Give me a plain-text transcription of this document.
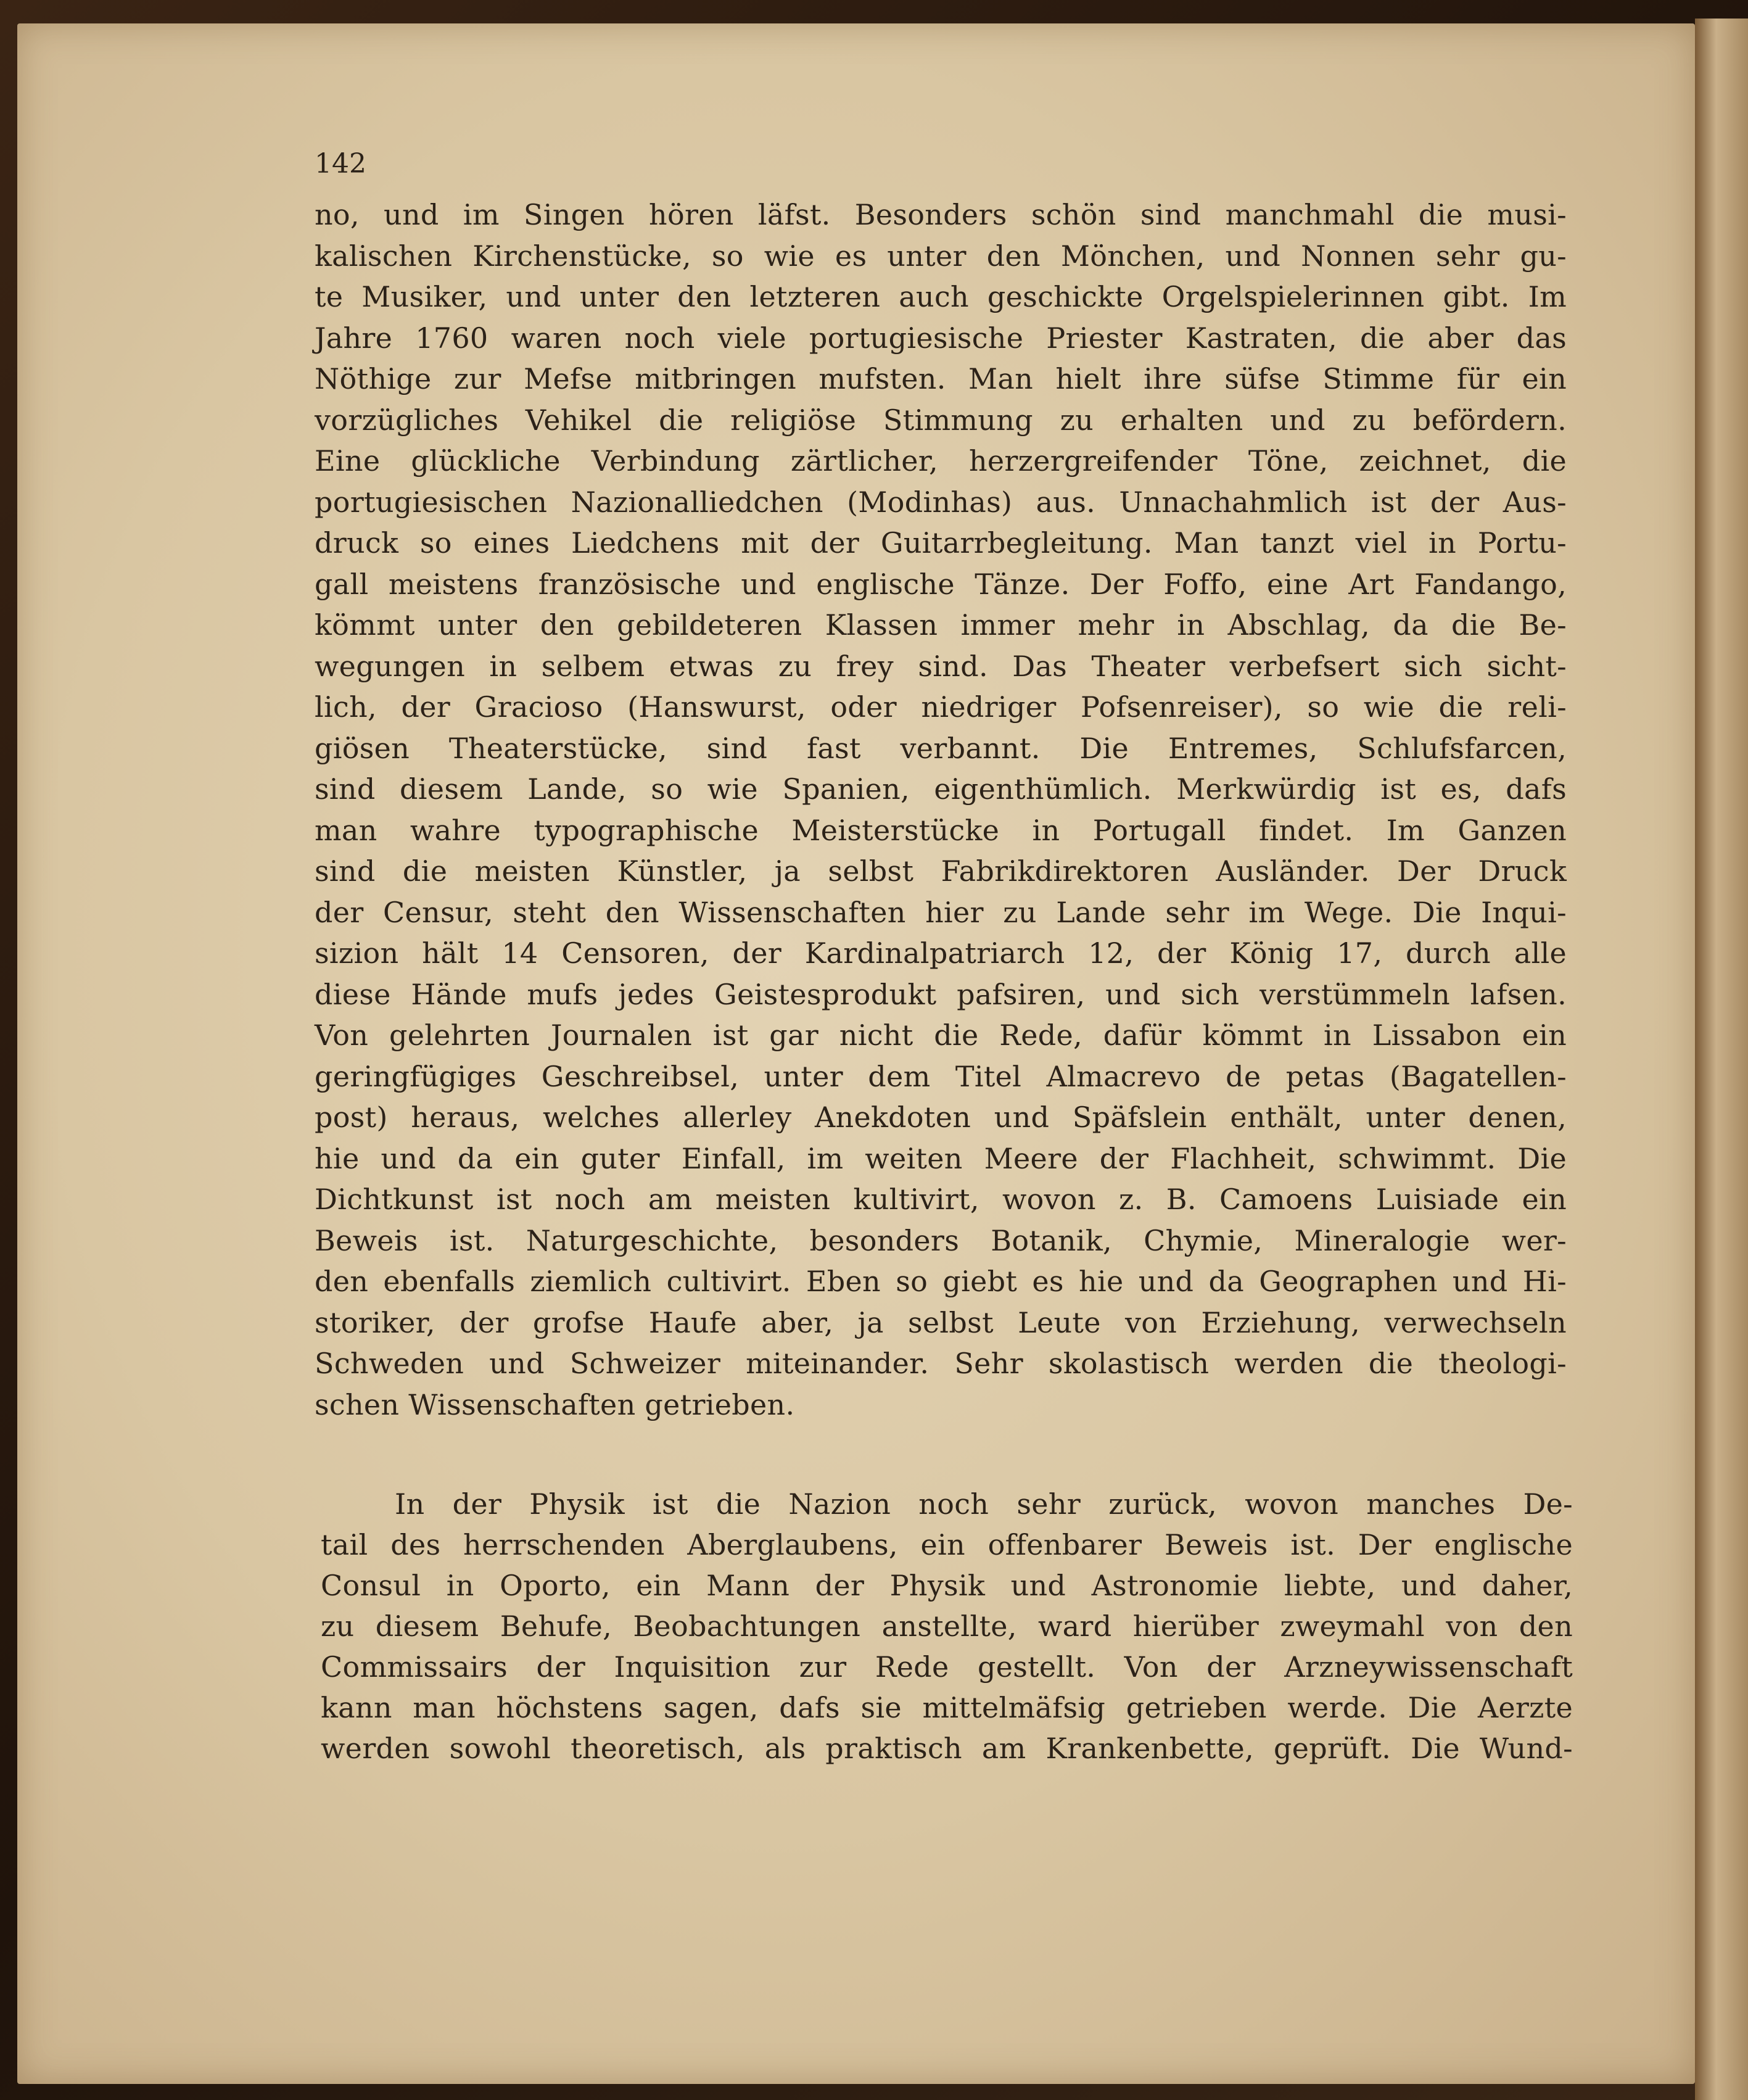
142
no, und im Singen hören läfst. Besonders schön sind manchmahl die musi-
kalischen Kirchenstücke, so wie es unter den Mönchen, und Nonnen sehr gu-
te Musiker, und unter den letzteren auch geschickte Orgelspielerinnen gibt. Im
Jahre 1760 waren noch viele portugiesische Priester Kastraten, die aber das
Nöthige zur Mefse mitbringen mufsten. Man hielt ihre süfse Stimme für ein
vorzügliches Vehikel die religiöse Stimmung zu erhalten und zu befördern.
Eine glückliche Verbindung zärtlicher, herzergreifender Töne, zeichnet, die
portugiesischen Nazionalliedchen (Modinhas) aus. Unnachahmlich ist der Aus-
druck so eines Liedchens mit der Guitarrbegleitung. Man tanzt viel in Portu-
gall meistens französische und englische Tänze. Der Foffo, eine Art Fandango,
kömmt unter den gebildeteren Klassen immer mehr in Abschlag, da die Be-
wegungen in selbem etwas zu frey sind. Das Theater verbefsert sich sicht-
lich, der Gracioso (Hanswurst, oder niedriger Pofsenreiser), so wie die reli-
giösen Theaterstücke, sind fast verbannt. Die Entremes, Schlufsfarcen,
sind diesem Lande, so wie Spanien, eigenthümlich. Merkwürdig ist es, dafs
man wahre typographische Meisterstücke in Portugall findet. Im Ganzen
sind die meisten Künstler, ja selbst Fabrikdirektoren Ausländer. Der Druck
der Censur, steht den Wissenschaften hier zu Lande sehr im Wege. Die Inqui-
sizion hält 14 Censoren, der Kardinalpatriarch 12, der König 17, durch alle
diese Hände mufs jedes Geistesprodukt pafsiren, und sich verstümmeln lafsen.
Von gelehrten Journalen ist gar nicht die Rede, dafür kömmt in Lissabon ein
geringfügiges Geschreibsel, unter dem Titel Almacrevo de petas (Bagatellen-
post) heraus, welches allerley Anekdoten und Späfslein enthält, unter denen,
hie und da ein guter Einfall, im weiten Meere der Flachheit, schwimmt. Die
Dichtkunst ist noch am meisten kultivirt, wovon z. B. Camoens Luisiade ein
Beweis ist. Naturgeschichte, besonders Botanik, Chymie, Mineralogie wer-
den ebenfalls ziemlich cultivirt. Eben so giebt es hie und da Geographen und Hi-
storiker, der grofse Haufe aber, ja selbst Leute von Erziehung, verwechseln
Schweden und Schweizer miteinander. Sehr skolastisch werden die theologi-
schen Wissenschaften getrieben.
In der Physik ist die Nazion noch sehr zurück, wovon manches De-
tail des herrschenden Aberglaubens, ein offenbarer Beweis ist. Der englische
Consul in Oporto, ein Mann der Physik und Astronomie liebte, und daher,
zu diesem Behufe, Beobachtungen anstellte, ward hierüber zweymahl von den
Commissairs der Inquisition zur Rede gestellt. Von der Arzneywissenschaft
kann man höchstens sagen, dafs sie mittelmäfsig getrieben werde. Die Aerzte
werden sowohl theoretisch, als praktisch am Krankenbette, geprüft. Die Wund-
